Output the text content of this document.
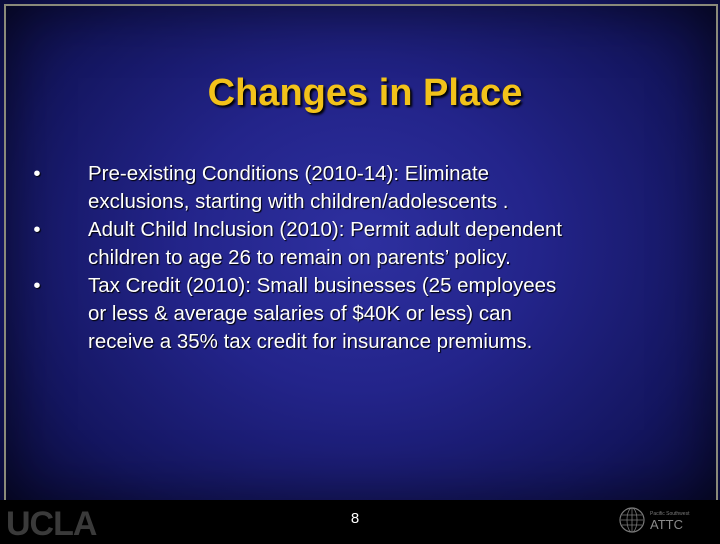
Changes in Place
• Pre-existing Conditions (2010-14): Eliminate
exclusions, starting with children/adolescents .
• Adult Child Inclusion (2010): Permit adult dependent
children to age 26 to remain on parents’ policy.
• Tax Credit (2010): Small businesses (25 employees
or less & average salaries of $40K or less) can
receive a 35% tax credit for insurance premiums.
UCLA	8	Pacific Southwest
ATTC
